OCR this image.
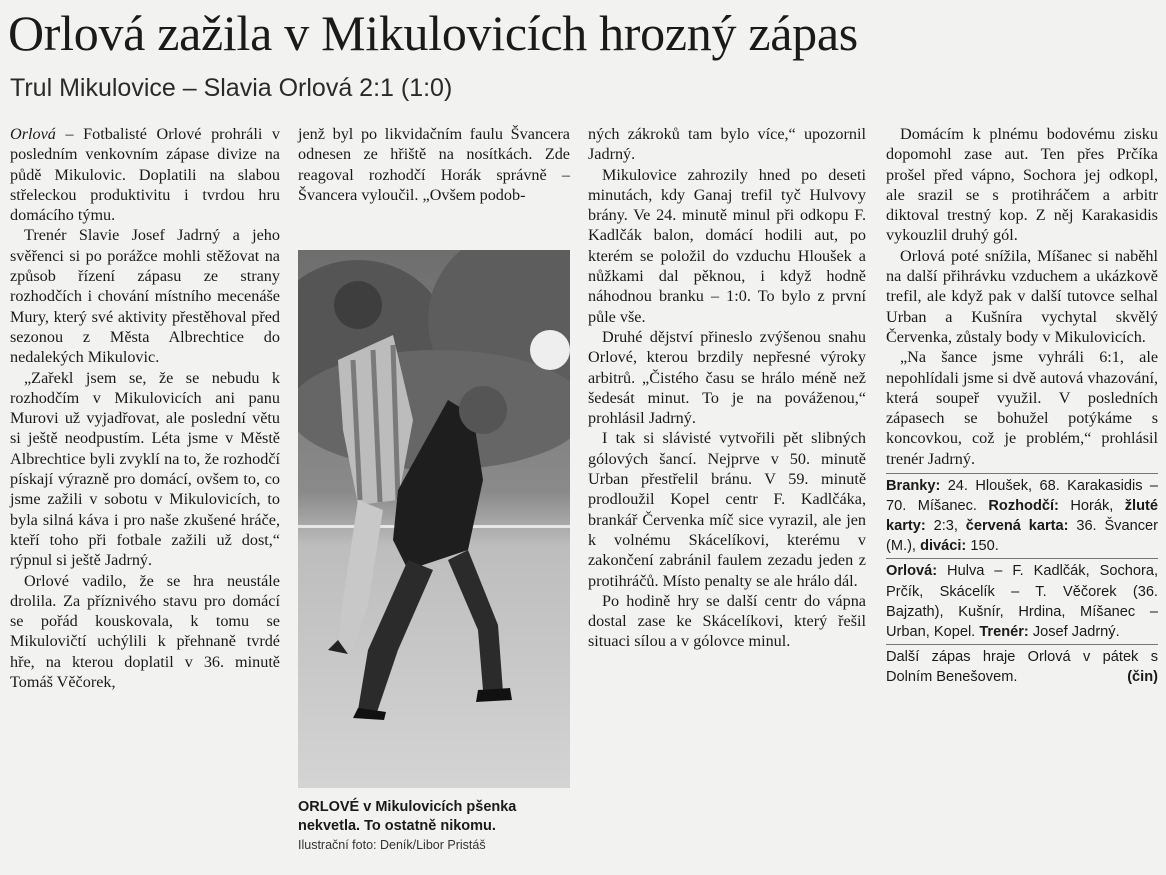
Orlová zažila v Mikulovicích hrozný zápas
Trul Mikulovice – Slavia Orlová 2:1 (1:0)

Orlová – Fotbalisté Orlové prohráli v posledním venkovním zápase divize na půdě Mikulovic. Doplatili na slabou střeleckou produktivitu i tvrdou hru domácího týmu.

Trenér Slavie Josef Jadrný a jeho svěřenci si po porážce mohli stěžovat na způsob řízení zápasu ze strany rozhodčích i chování místního mecenáše Mury, který své aktivity přestěhoval před sezonou z Města Albrechtice do nedalekých Mikulovic.

„Zařekl jsem se, že se nebudu k rozhodčím v Mikulovicích ani panu Murovi už vyjadřovat, ale poslední větu si ještě neodpustím. Léta jsme v Městě Albrechtice byli zvyklí na to, že rozhodčí pískají výrazně pro domácí, ovšem to, co jsme zažili v sobotu v Mikulovicích, to byla silná káva i pro naše zkušené hráče, kteří toho při fotbale zažili už dost,“ rýpnul si ještě Jadrný.

Orlové vadilo, že se hra neustále drolila. Za příznivého stavu pro domácí se pořád kouskovala, k tomu se Mikulovičtí uchýlili k přehnaně tvrdé hře, na kterou doplatil v 36. minutě Tomáš Věčorek,

jenž byl po likvidačním faulu Švancera odnesen ze hřiště na nosítkách. Zde reagoval rozhodčí Horák správně – Švancera vyloučil. „Ovšem podob-

ORLOVÉ v Mikulovicích pšenka nekvetla. To ostatně nikomu.
Ilustrační foto: Deník/Libor Pristáš

ných zákroků tam bylo více,“ upozornil Jadrný.

Mikulovice zahrozily hned po deseti minutách, kdy Ganaj trefil tyč Hulvovy brány. Ve 24. minutě minul při odkopu F. Kadlčák balon, domácí hodili aut, po kterém se položil do vzduchu Hloušek a nůžkami dal pěknou, i když hodně náhodnou branku – 1:0. To bylo z první půle vše.

Druhé dějství přineslo zvýšenou snahu Orlové, kterou brzdily nepřesné výroky arbitrů. „Čistého času se hrálo méně než šedesát minut. To je na pováženou,“ prohlásil Jadrný.

I tak si slávisté vytvořili pět slibných gólových šancí. Nejprve v 50. minutě Urban přestřelil bránu. V 59. minutě prodloužil Kopel centr F. Kadlčáka, brankář Červenka míč sice vyrazil, ale jen k volnému Skácelíkovi, kterému v zakončení zabránil faulem zezadu jeden z protihráčů. Místo penalty se ale hrálo dál.

Po hodině hry se další centr do vápna dostal zase ke Skácelíkovi, který řešil situaci sílou a v gólovce minul.

Domácím k plnému bodovému zisku dopomohl zase aut. Ten přes Prčíka prošel před vápno, Sochora jej odkopl, ale srazil se s protihráčem a arbitr diktoval trestný kop. Z něj Karakasidis vykouzlil druhý gól.

Orlová poté snížila, Míšanec si naběhl na další přihrávku vzduchem a ukázkově trefil, ale když pak v další tutovce selhal Urban a Kušníra vychytal skvělý Červenka, zůstaly body v Mikulovicích.

„Na šance jsme vyhráli 6:1, ale nepohlídali jsme si dvě autová vhazování, která soupeř využil. V posledních zápasech se bohužel potýkáme s koncovkou, což je problém,“ prohlásil trenér Jadrný.

Branky: 24. Hloušek, 68. Karakasidis – 70. Míšanec. Rozhodčí: Horák, žluté karty: 2:3, červená karta: 36. Švancer (M.), diváci: 150.

Orlová: Hulva – F. Kadlčák, Sochora, Prčík, Skácelík – T. Věčorek (36. Bajzath), Kušnír, Hrdina, Míšanec – Urban, Kopel. Trenér: Josef Jadrný.

Další zápas hraje Orlová v pátek s Dolním Benešovem.	(čin)
